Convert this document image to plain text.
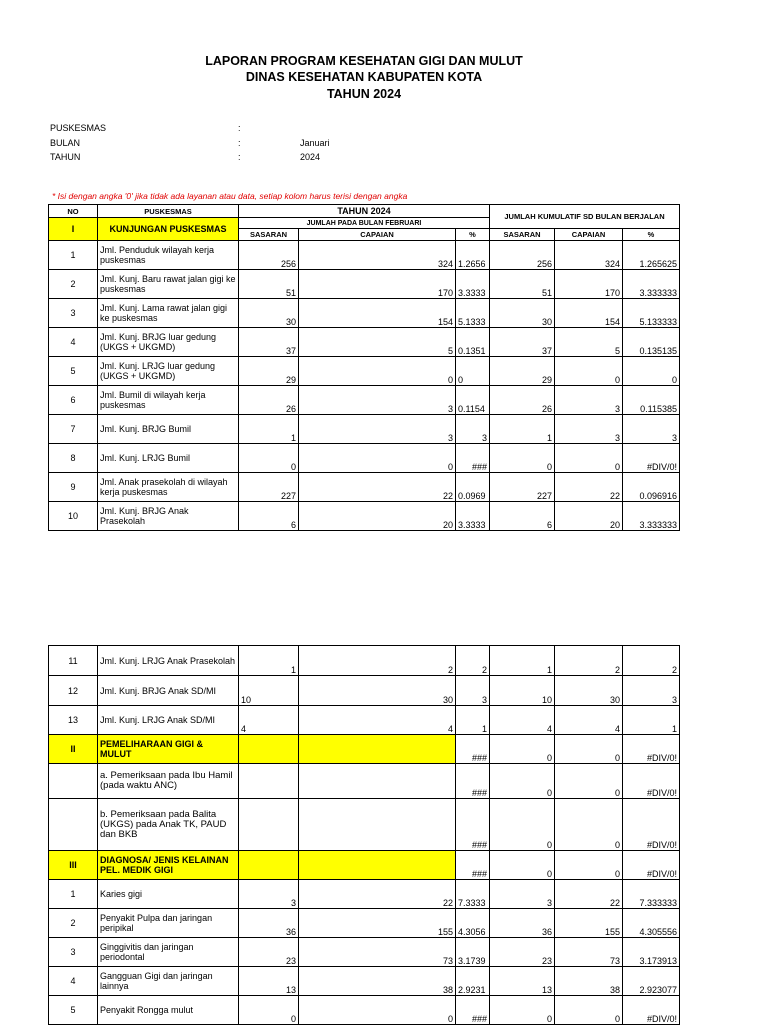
LAPORAN PROGRAM KESEHATAN GIGI DAN MULUT
DINAS KESEHATAN KABUPATEN KOTA
TAHUN 2024
PUSKESMAS	:
BULAN	:	Januari
TAHUN	:	2024
* Isi dengan angka '0' jika tidak ada layanan atau data, setiap kolom harus terisi dengan angka
NO	PUSKESMAS	TAHUN 2024			JUMLAH KUMULATIF SD BULAN BERJALAN		
I	KUNJUNGAN PUSKESMAS	JUMLAH PADA BULAN FEBRUARI					
		SASARAN	CAPAIAN	%	SASARAN	CAPAIAN	%
1	Jml. Penduduk wilayah kerja puskesmas	256	324	1.2656	256	324	1.265625
2	Jml. Kunj. Baru rawat jalan gigi ke puskesmas	51	170	3.3333	51	170	3.333333
3	Jml. Kunj. Lama rawat jalan gigi ke puskesmas	30	154	5.1333	30	154	5.133333
4	Jml. Kunj. BRJG luar gedung (UKGS + UKGMD)	37	5	0.1351	37	5	0.135135
5	Jml. Kunj. LRJG luar gedung (UKGS + UKGMD)	29	0	0	29	0	0
6	Jml. Bumil di wilayah kerja puskesmas	26	3	0.1154	26	3	0.115385
7	Jml. Kunj. BRJG Bumil	1	3	3	1	3	3
8	Jml. Kunj. LRJG Bumil	0	0	###	0	0	#DIV/0!
9	Jml. Anak prasekolah di wilayah kerja puskesmas	227	22	0.0969	227	22	0.096916
10	Jml. Kunj. BRJG Anak Prasekolah	6	20	3.3333	6	20	3.333333
11	Jml. Kunj. LRJG Anak Prasekolah	1	2	2	1	2	2
12	Jml. Kunj. BRJG Anak SD/MI	10	30	3	10	30	3
13	Jml. Kunj. LRJG Anak SD/MI	4	4	1	4	4	1
II	PEMELIHARAAN GIGI & MULUT			###	0	0	#DIV/0!
	a. Pemeriksaan pada Ibu Hamil (pada waktu ANC)			###	0	0	#DIV/0!
	b. Pemeriksaan pada Balita (UKGS) pada Anak TK, PAUD dan BKB			###	0	0	#DIV/0!
III	DIAGNOSA/ JENIS KELAINAN PEL. MEDIK GIGI			###	0	0	#DIV/0!
1	Karies gigi	3	22	7.3333	3	22	7.333333
2	Penyakit Pulpa dan jaringan peripikal	36	155	4.3056	36	155	4.305556
3	Ginggivitis dan jaringan periodontal	23	73	3.1739	23	73	3.173913
4	Gangguan Gigi dan jaringan lainnya	13	38	2.9231	13	38	2.923077
5	Penyakit Rongga mulut	0	0	###	0	0	#DIV/0!
